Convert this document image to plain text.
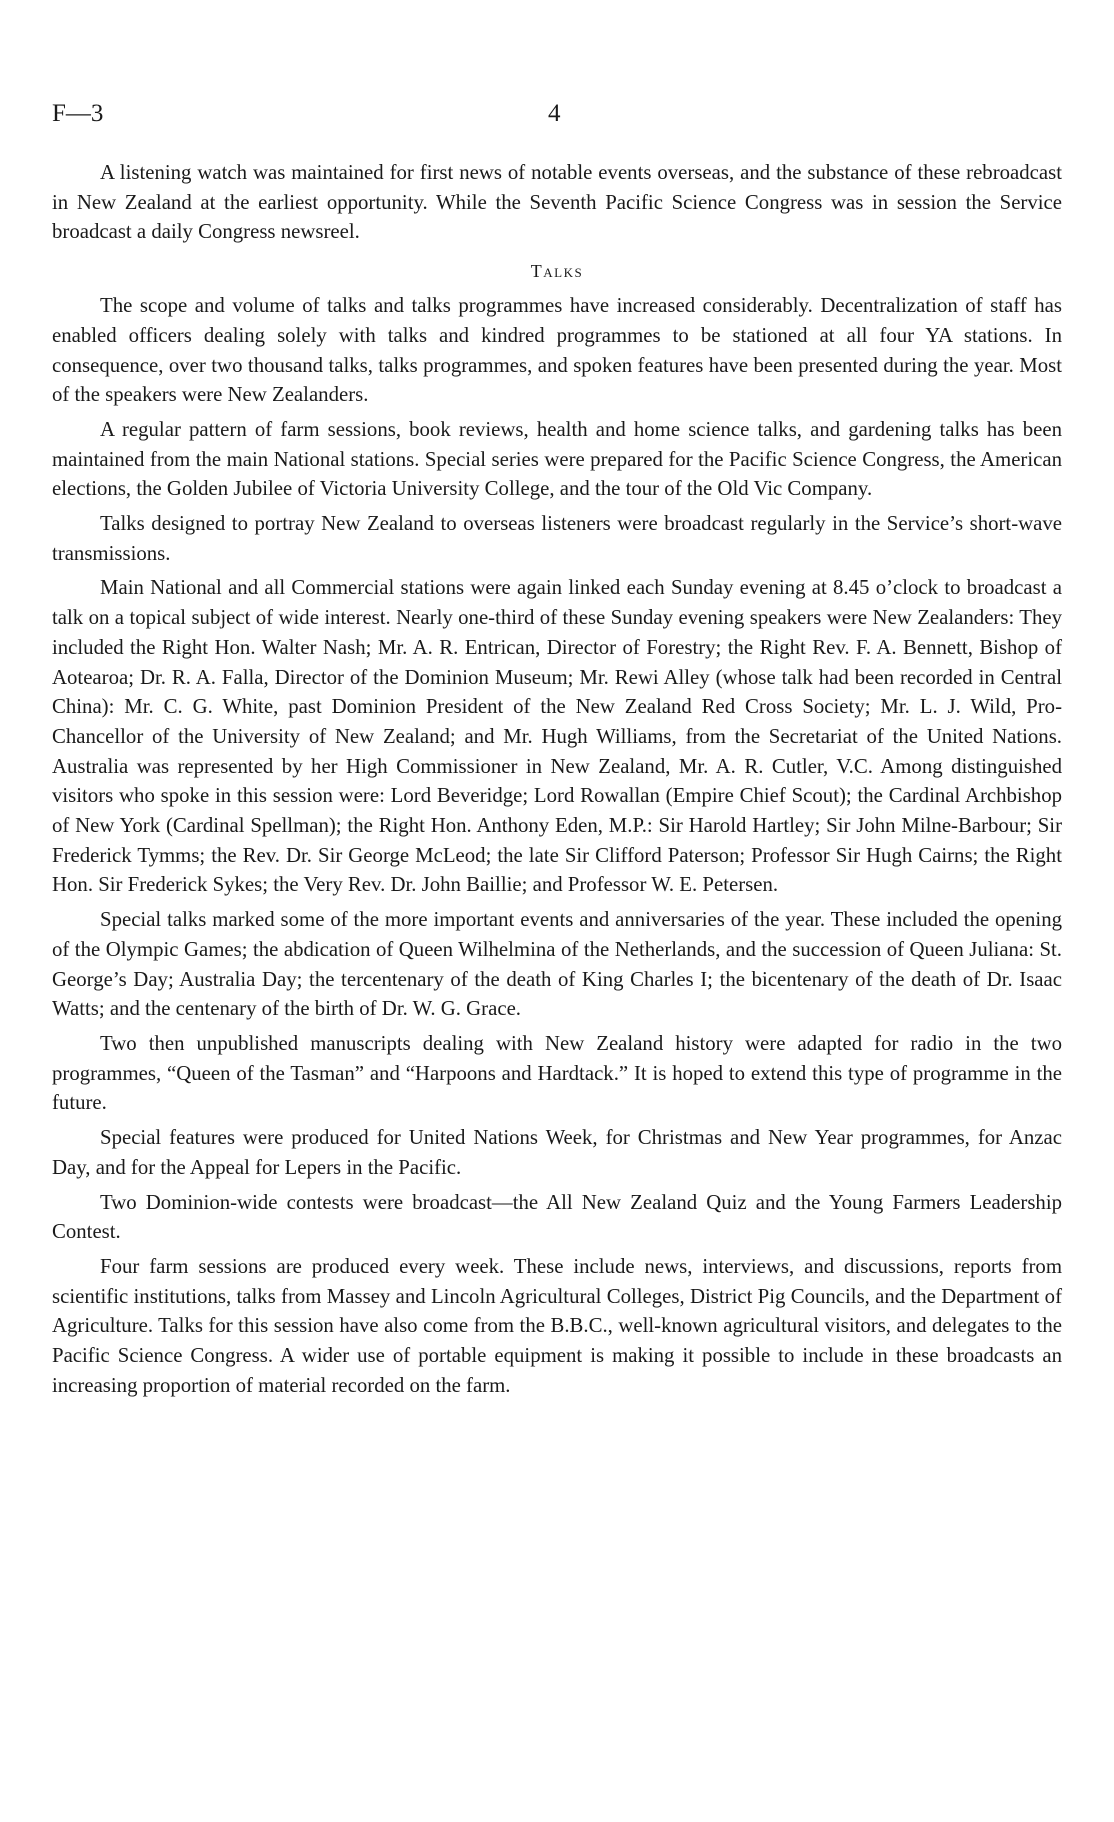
F—3	4

A listening watch was maintained for first news of notable events overseas, and the substance of these rebroadcast in New Zealand at the earliest opportunity. While the Seventh Pacific Science Congress was in session the Service broadcast a daily Congress newsreel.

Talks

The scope and volume of talks and talks programmes have increased considerably. Decentralization of staff has enabled officers dealing solely with talks and kindred programmes to be stationed at all four YA stations. In consequence, over two thousand talks, talks programmes, and spoken features have been presented during the year. Most of the speakers were New Zealanders.

A regular pattern of farm sessions, book reviews, health and home science talks, and gardening talks has been maintained from the main National stations. Special series were prepared for the Pacific Science Congress, the American elections, the Golden Jubilee of Victoria University College, and the tour of the Old Vic Company.

Talks designed to portray New Zealand to overseas listeners were broadcast regularly in the Service’s short-wave transmissions.

Main National and all Commercial stations were again linked each Sunday evening at 8.45 o’clock to broadcast a talk on a topical subject of wide interest. Nearly one-third of these Sunday evening speakers were New Zealanders: They included the Right Hon. Walter Nash; Mr. A. R. Entrican, Director of Forestry; the Right Rev. F. A. Bennett, Bishop of Aotearoa; Dr. R. A. Falla, Director of the Dominion Museum; Mr. Rewi Alley (whose talk had been recorded in Central China): Mr. C. G. White, past Dominion President of the New Zealand Red Cross Society; Mr. L. J. Wild, Pro-Chancellor of the University of New Zealand; and Mr. Hugh Williams, from the Secretariat of the United Nations. Australia was represented by her High Commissioner in New Zealand, Mr. A. R. Cutler, V.C. Among distinguished visitors who spoke in this session were: Lord Beveridge; Lord Rowallan (Empire Chief Scout); the Cardinal Archbishop of New York (Cardinal Spellman); the Right Hon. Anthony Eden, M.P.: Sir Harold Hartley; Sir John Milne-Barbour; Sir Frederick Tymms; the Rev. Dr. Sir George McLeod; the late Sir Clifford Paterson; Professor Sir Hugh Cairns; the Right Hon. Sir Frederick Sykes; the Very Rev. Dr. John Baillie; and Professor W. E. Petersen.

Special talks marked some of the more important events and anniversaries of the year. These included the opening of the Olympic Games; the abdication of Queen Wilhelmina of the Netherlands, and the succession of Queen Juliana: St. George’s Day; Australia Day; the tercentenary of the death of King Charles I; the bicentenary of the death of Dr. Isaac Watts; and the centenary of the birth of Dr. W. G. Grace.

Two then unpublished manuscripts dealing with New Zealand history were adapted for radio in the two programmes, “Queen of the Tasman” and “Harpoons and Hardtack.” It is hoped to extend this type of programme in the future.

Special features were produced for United Nations Week, for Christmas and New Year programmes, for Anzac Day, and for the Appeal for Lepers in the Pacific.

Two Dominion-wide contests were broadcast—the All New Zealand Quiz and the Young Farmers Leadership Contest.

Four farm sessions are produced every week. These include news, interviews, and discussions, reports from scientific institutions, talks from Massey and Lincoln Agricultural Colleges, District Pig Councils, and the Department of Agriculture. Talks for this session have also come from the B.B.C., well-known agricultural visitors, and delegates to the Pacific Science Congress. A wider use of portable equipment is making it possible to include in these broadcasts an increasing proportion of material recorded on the farm.
